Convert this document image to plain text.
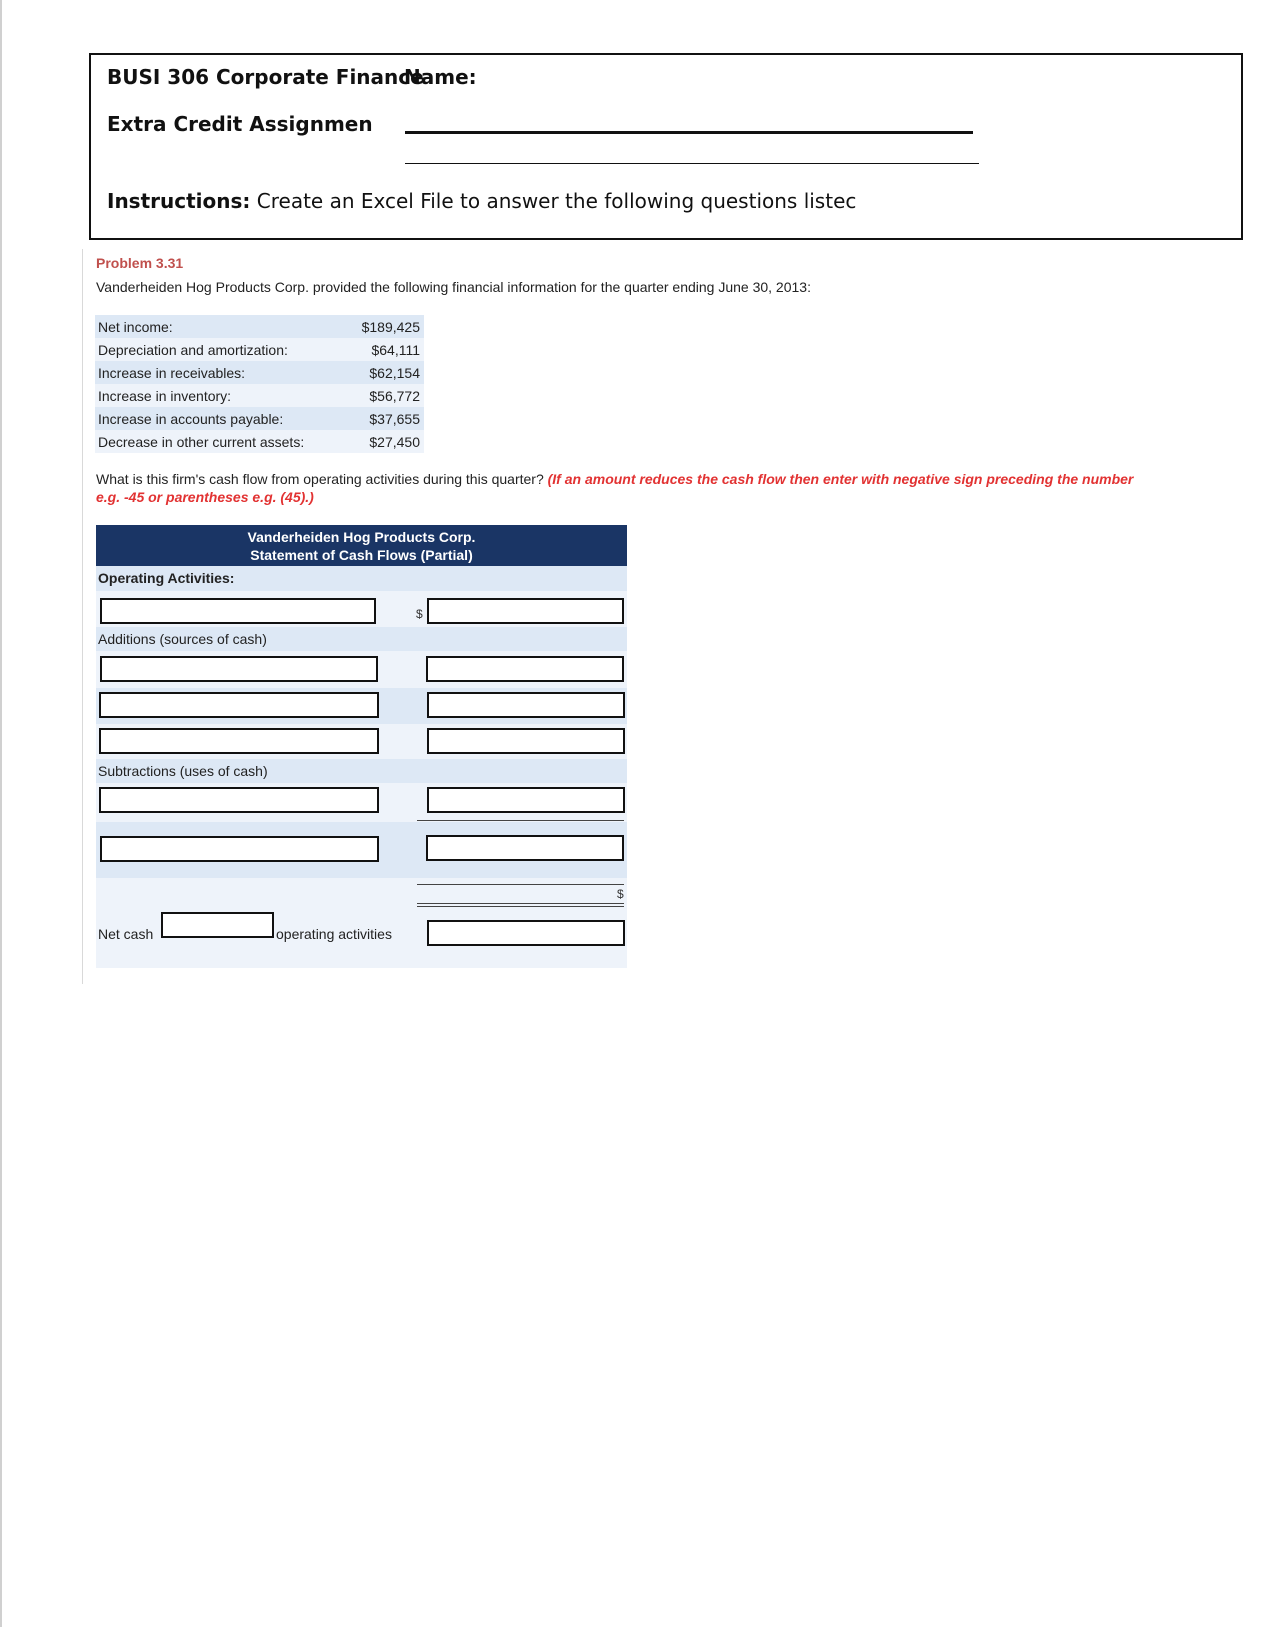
BUSI 306 Corporate Finance
Name:
Extra Credit Assignmen
Instructions: Create an Excel File to answer the following questions listec
Problem 3.31
Vanderheiden Hog Products Corp. provided the following financial information for the quarter ending June 30, 2013:
Net income:	$189,425
Depreciation and amortization:	$64,111
Increase in receivables:	$62,154
Increase in inventory:	$56,772
Increase in accounts payable:	$37,655
Decrease in other current assets:	$27,450
What is this firm's cash flow from operating activities during this quarter? (If an amount reduces the cash flow then enter with negative sign preceding the number e.g. -45 or parentheses e.g. (45).)
Vanderheiden Hog Products Corp.
Statement of Cash Flows (Partial)
Operating Activities:
$
Additions (sources of cash)
Subtractions (uses of cash)
$
Net cash	operating activities
